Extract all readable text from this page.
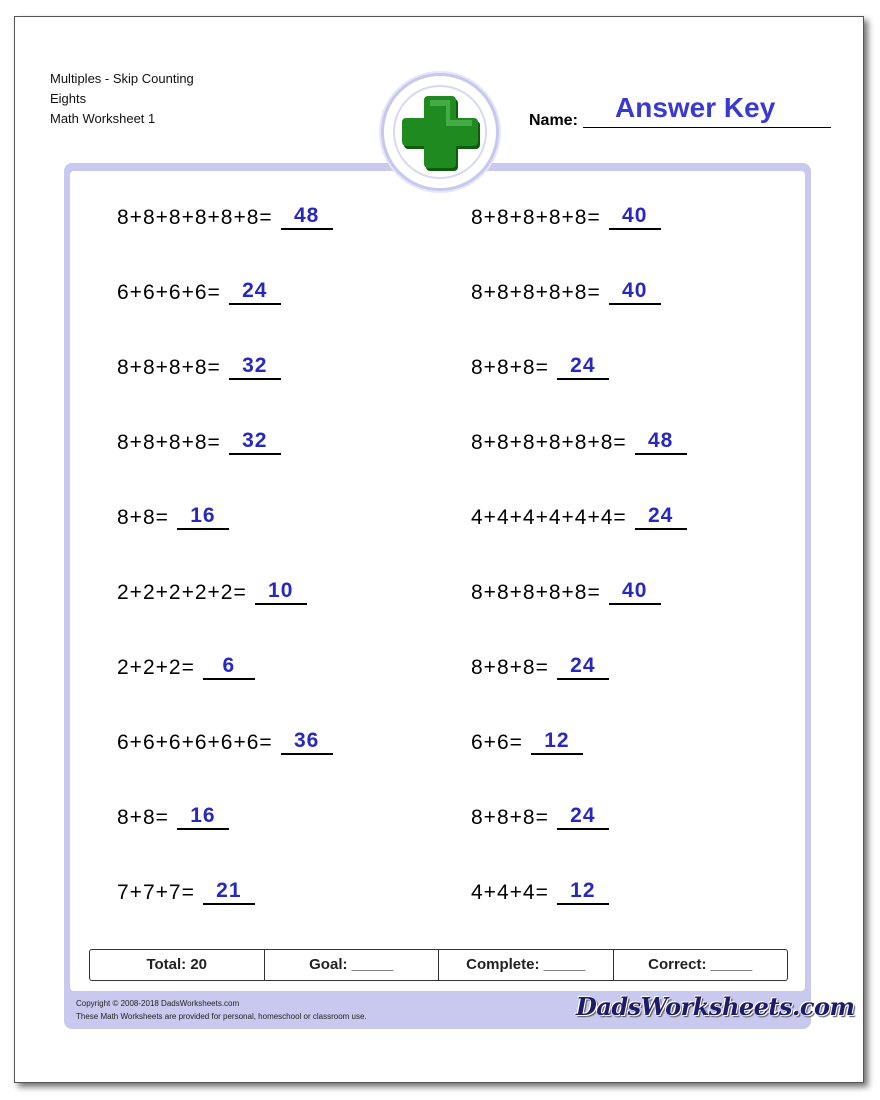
Multiples - Skip Counting
Eights
Math Worksheet 1	Name: Answer Key
8+8+8+8+8+8=	48
6+6+6+6=	24
8+8+8+8=	32
8+8+8+8=	32
8+8=	16
2+2+2+2+2=	10
2+2+2=	6
6+6+6+6+6+6=	36
8+8=	16
7+7+7=	21
8+8+8+8+8=	40
8+8+8+8+8=	40
8+8+8=	24
8+8+8+8+8+8=	48
4+4+4+4+4+4=	24
8+8+8+8+8=	40
8+8+8=	24
6+6=	12
8+8+8=	24
4+4+4=	12
Total: 20	Goal: _____	Complete: _____	Correct: _____
Copyright © 2008-2018 DadsWorksheets.com
These Math Worksheets are provided for personal, homeschool or classroom use.	DadsWorksheets.com
